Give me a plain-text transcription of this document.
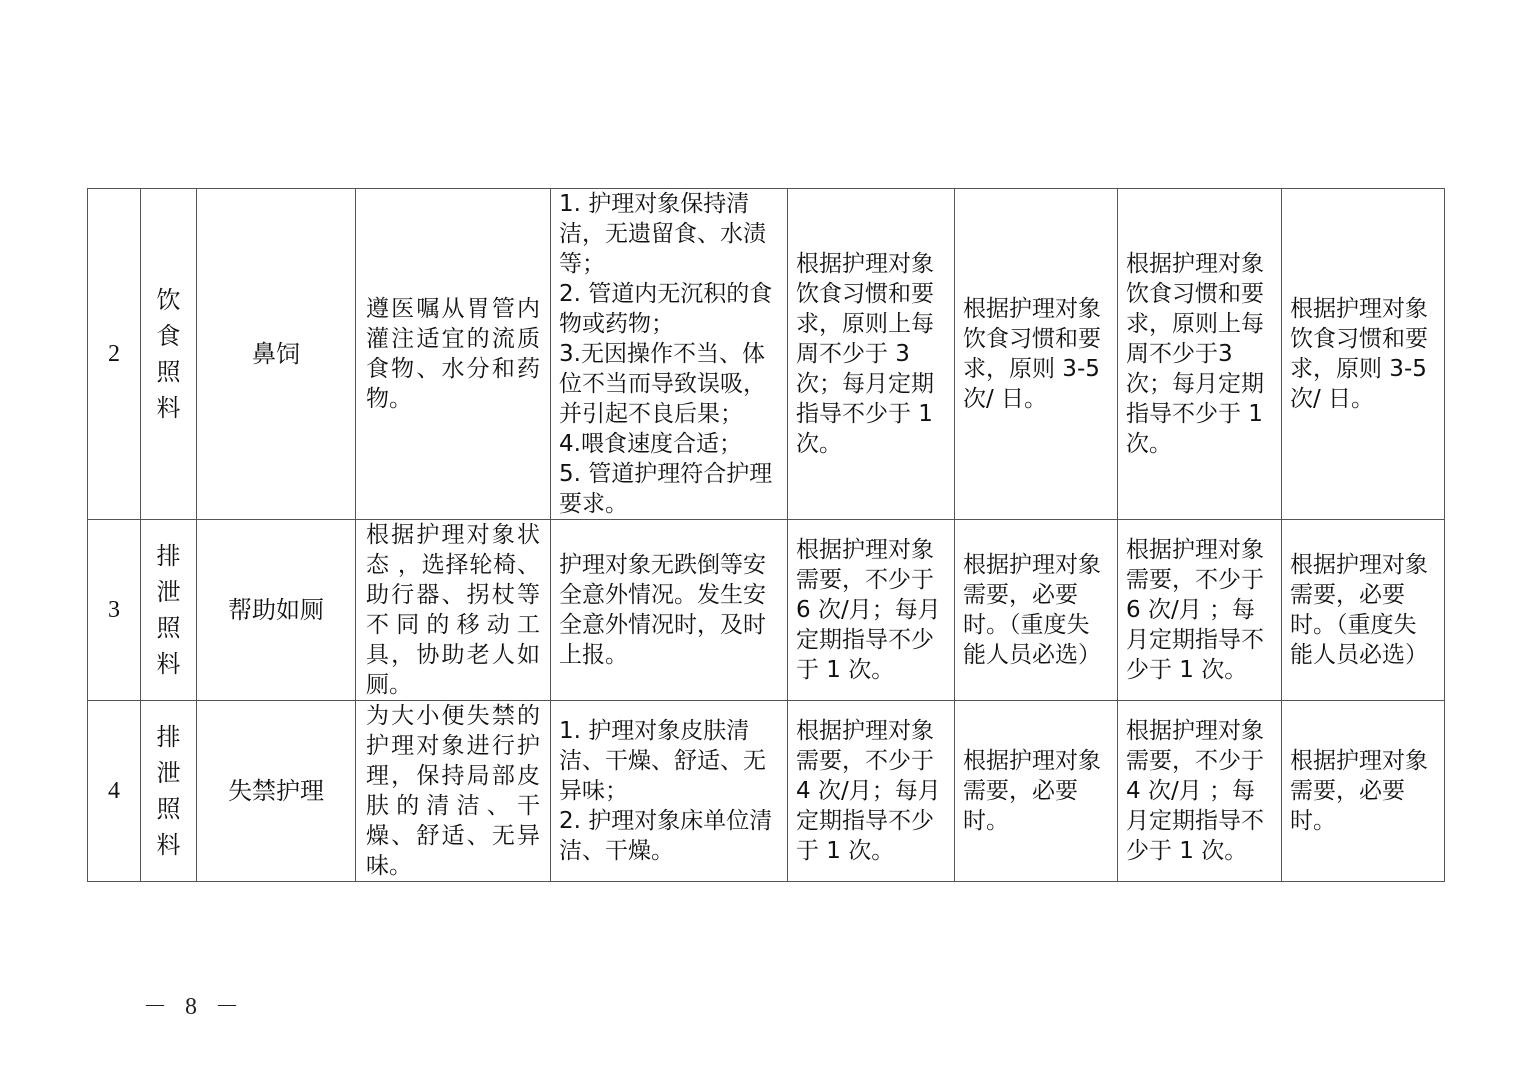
2	饮食照料	鼻饲	遵医嘱从胃管内灌注适宜的流质食物、水分和药物。	1. 护理对象保持清洁，无遗留食、水渍等；
2. 管道内无沉积的食物或药物；
3.无因操作不当、体位不当而导致误吸，并引起不良后果；
4.喂食速度合适；
5. 管道护理符合护理要求。	根据护理对象饮食习惯和要求，原则上每周不少于 3 次；每月定期指导不少于 1 次。	根据护理对象饮食习惯和要求，原则 3-5 次/ 日。	根据护理对象饮食习惯和要求，原则上每周不少于3 次；每月定期指导不少于 1 次。	根据护理对象饮食习惯和要求，原则 3-5 次/ 日。
3	排泄照料	帮助如厕	根据护理对象状态 ，选择轮椅、助行器、拐杖等不同的移动工具，协助老人如厕。	护理对象无跌倒等安全意外情况。发生安全意外情况时，及时上报。	根据护理对象需要，不少于6 次/月；每月定期指导不少于 1 次。	根据护理对象需要，必要时。（重度失能人员必选）	根据护理对象需要，不少于 6 次/月 ；每月定期指导不少于 1 次。	根据护理对象需要，必要时。（重度失能人员必选）
4	排泄照料	失禁护理	为大小便失禁的护理对象进行护理，保持局部皮肤的清洁、干燥、舒适、无异味。	1. 护理对象皮肤清洁、干燥、舒适、无异味；
2. 护理对象床单位清洁、干燥。	根据护理对象需要，不少于4 次/月；每月定期指导不少于 1 次。	根据护理对象需要，必要时。	根据护理对象需要，不少于 4 次/月 ；每月定期指导不少于 1 次。	根据护理对象需要，必要时。
－ 8 －
